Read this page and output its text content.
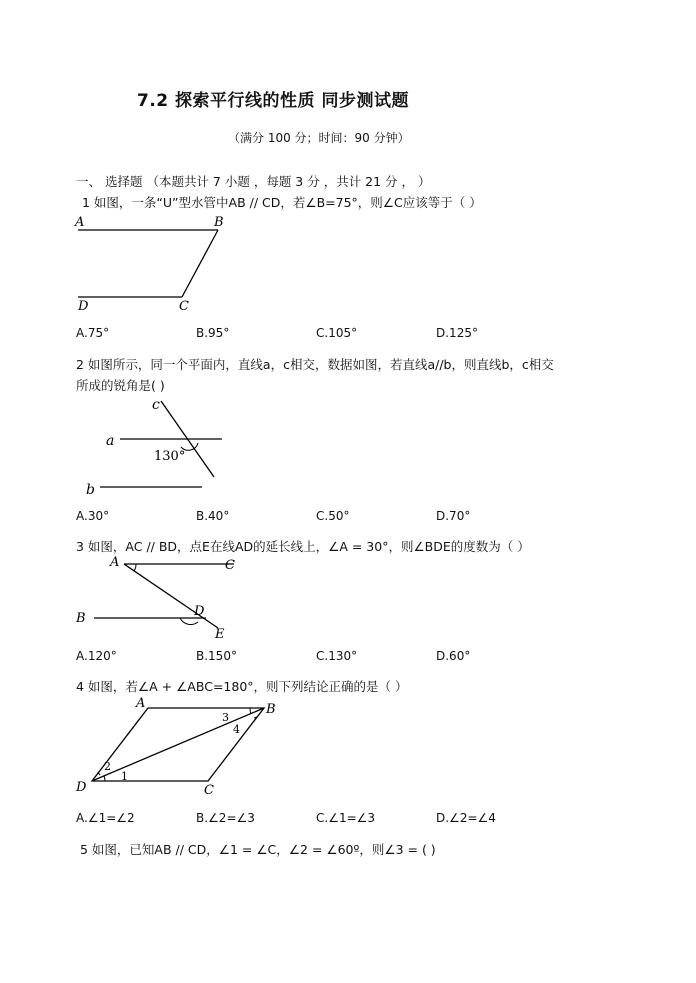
7.2 探索平行线的性质 同步测试题
（满分 100 分；时间：90 分钟）
一、 选择题 （本题共计 7 小题 ，每题 3 分 ，共计 21 分 ， ）
1 如图，一条“U”型水管中AB // CD，若∠B=75°，则∠C应该等于（ ）
A	B
C
D
A.75°	B.95°	C.105°	D.125°
2 如图所示，同一个平面内，直线a，c相交，数据如图，若直线a//b，则直线b，c相交
所成的锐角是( )
c
a
b
130°
A.30°	B.40°	C.50°	D.70°
3 如图，AC // BD，点E在线AD的延长线上，∠A = 30°，则∠BDE的度数为（ ）
A	C
B	D
E
A.120°	B.150°	C.130°	D.60°
4 如图，若∠A + ∠ABC=180°，则下列结论正确的是（ ）
A	B
C
D
1
2
3
4
A.∠1=∠2	B.∠2=∠3	C.∠1=∠3	D.∠2=∠4
5 如图，已知AB // CD，∠1 = ∠C，∠2 = ∠60º，则∠3 = ( )
